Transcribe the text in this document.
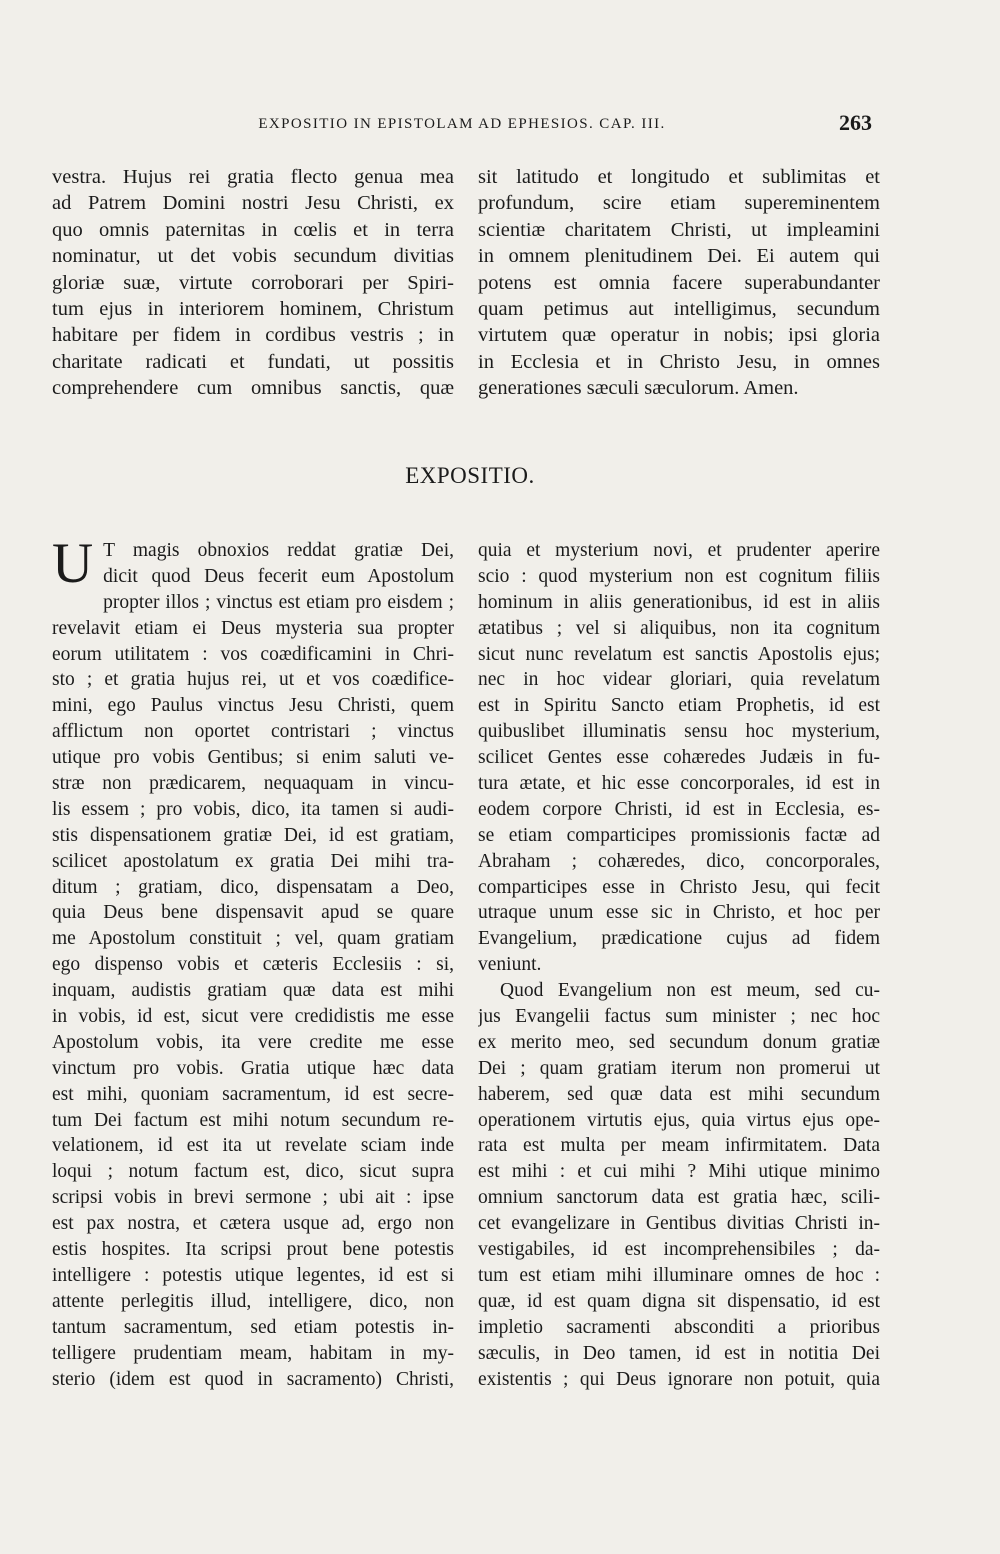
EXPOSITIO IN EPISTOLAM AD EPHESIOS. CAP. III.	263
vestra. Hujus rei gratia flecto genua mea
ad Patrem Domini nostri Jesu Christi, ex
quo omnis paternitas in cœlis et in terra
nominatur, ut det vobis secundum divitias
gloriæ suæ, virtute corroborari per Spiri-
tum ejus in interiorem hominem, Christum
habitare per fidem in cordibus vestris ; in
charitate radicati et fundati, ut possitis
comprehendere cum omnibus sanctis, quæ
sit latitudo et longitudo et sublimitas et
profundum, scire etiam supereminentem
scientiæ charitatem Christi, ut impleamini
in omnem plenitudinem Dei. Ei autem qui
potens est omnia facere superabundanter
quam petimus aut intelligimus, secundum
virtutem quæ operatur in nobis; ipsi gloria
in Ecclesia et in Christo Jesu, in omnes
generationes sæculi sæculorum. Amen.
EXPOSITIO.
U T magis obnoxios reddat gratiæ Dei,
dicit quod Deus fecerit eum Apostolum
propter illos ; vinctus est etiam pro eisdem ;
revelavit etiam ei Deus mysteria sua propter
eorum utilitatem : vos coædificamini in Chri-
sto ; et gratia hujus rei, ut et vos coædifice-
mini, ego Paulus vinctus Jesu Christi, quem
afflictum non oportet contristari ; vinctus
utique pro vobis Gentibus; si enim saluti ve-
stræ non prædicarem, nequaquam in vincu-
lis essem ; pro vobis, dico, ita tamen si audi-
stis dispensationem gratiæ Dei, id est gratiam,
scilicet apostolatum ex gratia Dei mihi tra-
ditum ; gratiam, dico, dispensatam a Deo,
quia Deus bene dispensavit apud se quare
me Apostolum constituit ; vel, quam gratiam
ego dispenso vobis et cæteris Ecclesiis : si,
inquam, audistis gratiam quæ data est mihi
in vobis, id est, sicut vere credidistis me esse
Apostolum vobis, ita vere credite me esse
vinctum pro vobis. Gratia utique hæc data
est mihi, quoniam sacramentum, id est secre-
tum Dei factum est mihi notum secundum re-
velationem, id est ita ut revelate sciam inde
loqui ; notum factum est, dico, sicut supra
scripsi vobis in brevi sermone ; ubi ait : ipse
est pax nostra, et cætera usque ad, ergo non
estis hospites. Ita scripsi prout bene potestis
intelligere : potestis utique legentes, id est si
attente perlegitis illud, intelligere, dico, non
tantum sacramentum, sed etiam potestis in-
telligere prudentiam meam, habitam in my-
sterio (idem est quod in sacramento) Christi,
quia et mysterium novi, et prudenter aperire
scio : quod mysterium non est cognitum filiis
hominum in aliis generationibus, id est in aliis
ætatibus ; vel si aliquibus, non ita cognitum
sicut nunc revelatum est sanctis Apostolis ejus;
nec in hoc videar gloriari, quia revelatum
est in Spiritu Sancto etiam Prophetis, id est
quibuslibet illuminatis sensu hoc mysterium,
scilicet Gentes esse cohæredes Judæis in fu-
tura ætate, et hic esse concorporales, id est in
eodem corpore Christi, id est in Ecclesia, es-
se etiam comparticipes promissionis factæ ad
Abraham ; cohæredes, dico, concorporales,
comparticipes esse in Christo Jesu, qui fecit
utraque unum esse sic in Christo, et hoc per
Evangelium, prædicatione cujus ad fidem
veniunt.
Quod Evangelium non est meum, sed cu-
jus Evangelii factus sum minister ; nec hoc
ex merito meo, sed secundum donum gratiæ
Dei ; quam gratiam iterum non promerui ut
haberem, sed quæ data est mihi secundum
operationem virtutis ejus, quia virtus ejus ope-
rata est multa per meam infirmitatem. Data
est mihi : et cui mihi ? Mihi utique minimo
omnium sanctorum data est gratia hæc, scili-
cet evangelizare in Gentibus divitias Christi in-
vestigabiles, id est incomprehensibiles ; da-
tum est etiam mihi illuminare omnes de hoc :
quæ, id est quam digna sit dispensatio, id est
impletio sacramenti absconditi a prioribus
sæculis, in Deo tamen, id est in notitia Dei
existentis ; qui Deus ignorare non potuit, quia
